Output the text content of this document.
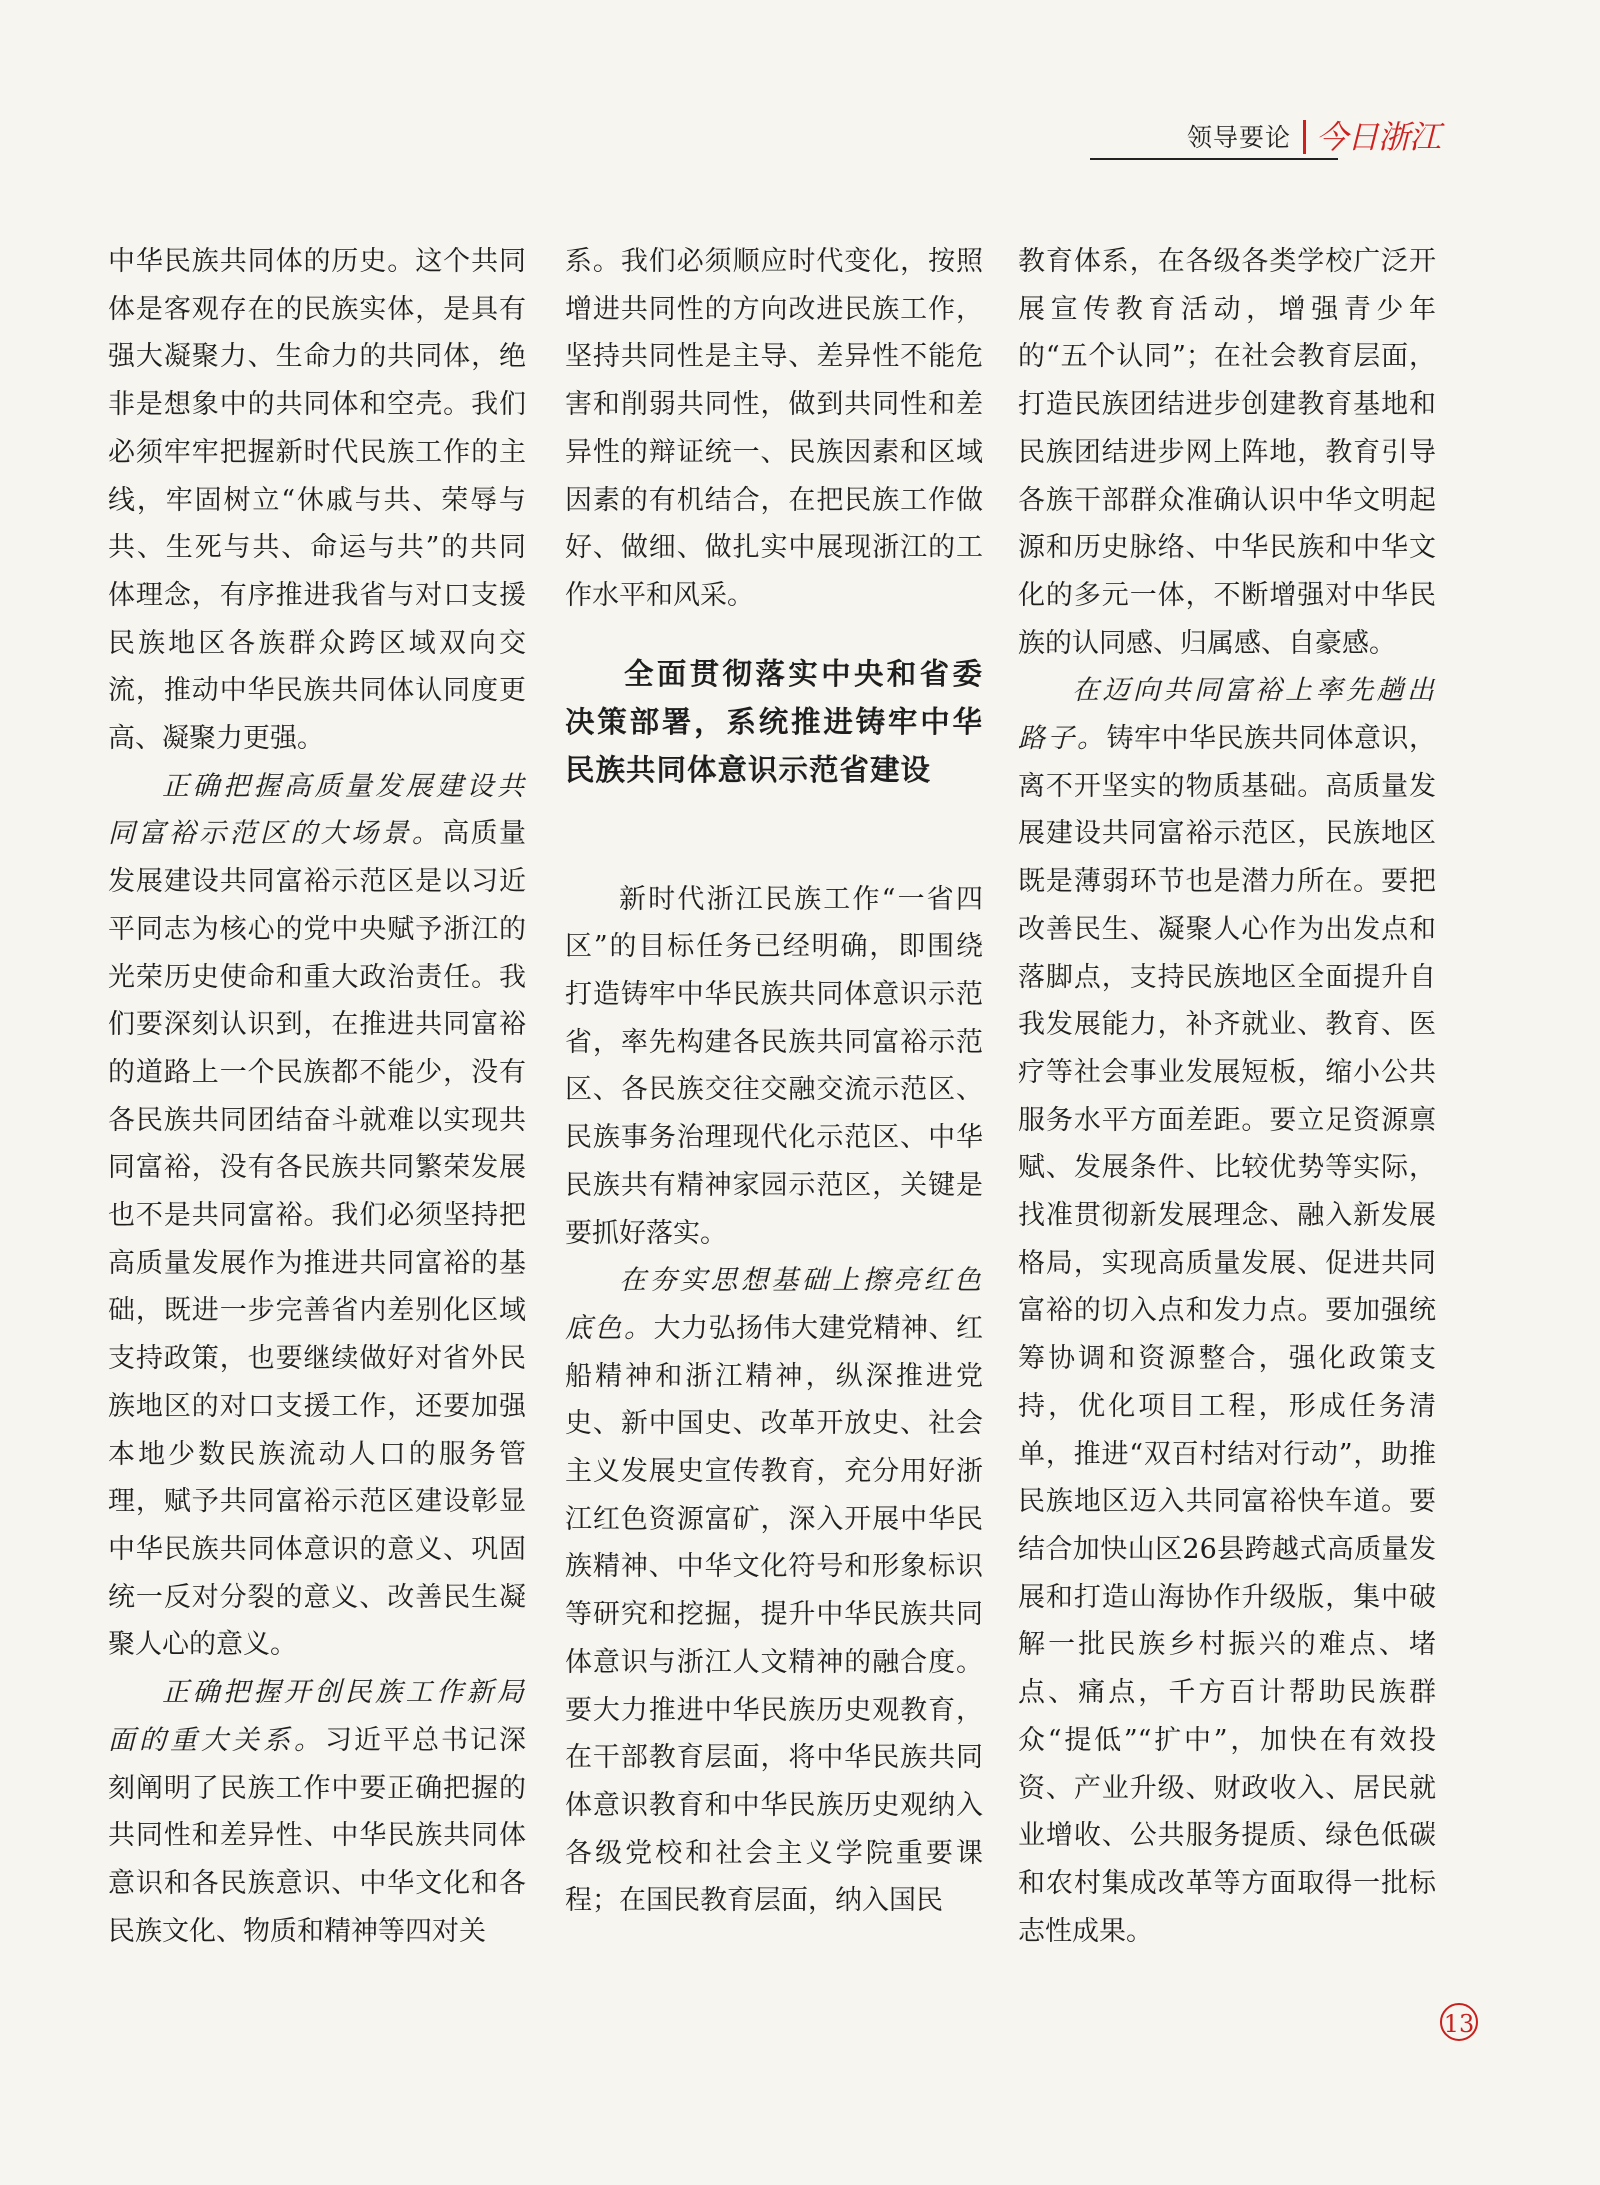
领导要论 今日浙江

中华民族共同体的历史。这个共同体是客观存在的民族实体，是具有强大凝聚力、生命力的共同体，绝非是想象中的共同体和空壳。我们必须牢牢把握新时代民族工作的主线，牢固树立“休戚与共、荣辱与共、生死与共、命运与共”的共同体理念，有序推进我省与对口支援民族地区各族群众跨区域双向交流，推动中华民族共同体认同度更高、凝聚力更强。

正确把握高质量发展建设共同富裕示范区的大场景。高质量发展建设共同富裕示范区是以习近平同志为核心的党中央赋予浙江的光荣历史使命和重大政治责任。我们要深刻认识到，在推进共同富裕的道路上一个民族都不能少，没有各民族共同团结奋斗就难以实现共同富裕，没有各民族共同繁荣发展也不是共同富裕。我们必须坚持把高质量发展作为推进共同富裕的基础，既进一步完善省内差别化区域支持政策，也要继续做好对省外民族地区的对口支援工作，还要加强本地少数民族流动人口的服务管理，赋予共同富裕示范区建设彰显中华民族共同体意识的意义、巩固统一反对分裂的意义、改善民生凝聚人心的意义。

正确把握开创民族工作新局面的重大关系。习近平总书记深刻阐明了民族工作中要正确把握的共同性和差异性、中华民族共同体意识和各民族意识、中华文化和各民族文化、物质和精神等四对关

系。我们必须顺应时代变化，按照增进共同性的方向改进民族工作，坚持共同性是主导、差异性不能危害和削弱共同性，做到共同性和差异性的辩证统一、民族因素和区域因素的有机结合，在把民族工作做好、做细、做扎实中展现浙江的工作水平和风采。

全面贯彻落实中央和省委决策部署，系统推进铸牢中华民族共同体意识示范省建设

新时代浙江民族工作“一省四区”的目标任务已经明确，即围绕打造铸牢中华民族共同体意识示范省，率先构建各民族共同富裕示范区、各民族交往交融交流示范区、民族事务治理现代化示范区、中华民族共有精神家园示范区，关键是要抓好落实。

在夯实思想基础上擦亮红色底色。大力弘扬伟大建党精神、红船精神和浙江精神，纵深推进党史、新中国史、改革开放史、社会主义发展史宣传教育，充分用好浙江红色资源富矿，深入开展中华民族精神、中华文化符号和形象标识等研究和挖掘，提升中华民族共同体意识与浙江人文精神的融合度。要大力推进中华民族历史观教育，在干部教育层面，将中华民族共同体意识教育和中华民族历史观纳入各级党校和社会主义学院重要课程；在国民教育层面，纳入国民

教育体系，在各级各类学校广泛开展宣传教育活动，增强青少年的“五个认同”；在社会教育层面，打造民族团结进步创建教育基地和民族团结进步网上阵地，教育引导各族干部群众准确认识中华文明起源和历史脉络、中华民族和中华文化的多元一体，不断增强对中华民族的认同感、归属感、自豪感。

在迈向共同富裕上率先趟出路子。铸牢中华民族共同体意识，离不开坚实的物质基础。高质量发展建设共同富裕示范区，民族地区既是薄弱环节也是潜力所在。要把改善民生、凝聚人心作为出发点和落脚点，支持民族地区全面提升自我发展能力，补齐就业、教育、医疗等社会事业发展短板，缩小公共服务水平方面差距。要立足资源禀赋、发展条件、比较优势等实际，找准贯彻新发展理念、融入新发展格局，实现高质量发展、促进共同富裕的切入点和发力点。要加强统筹协调和资源整合，强化政策支持，优化项目工程，形成任务清单，推进“双百村结对行动”，助推民族地区迈入共同富裕快车道。要结合加快山区26县跨越式高质量发展和打造山海协作升级版，集中破解一批民族乡村振兴的难点、堵点、痛点，千方百计帮助民族群众“提低”“扩中”，加快在有效投资、产业升级、财政收入、居民就业增收、公共服务提质、绿色低碳和农村集成改革等方面取得一批标志性成果。

13
